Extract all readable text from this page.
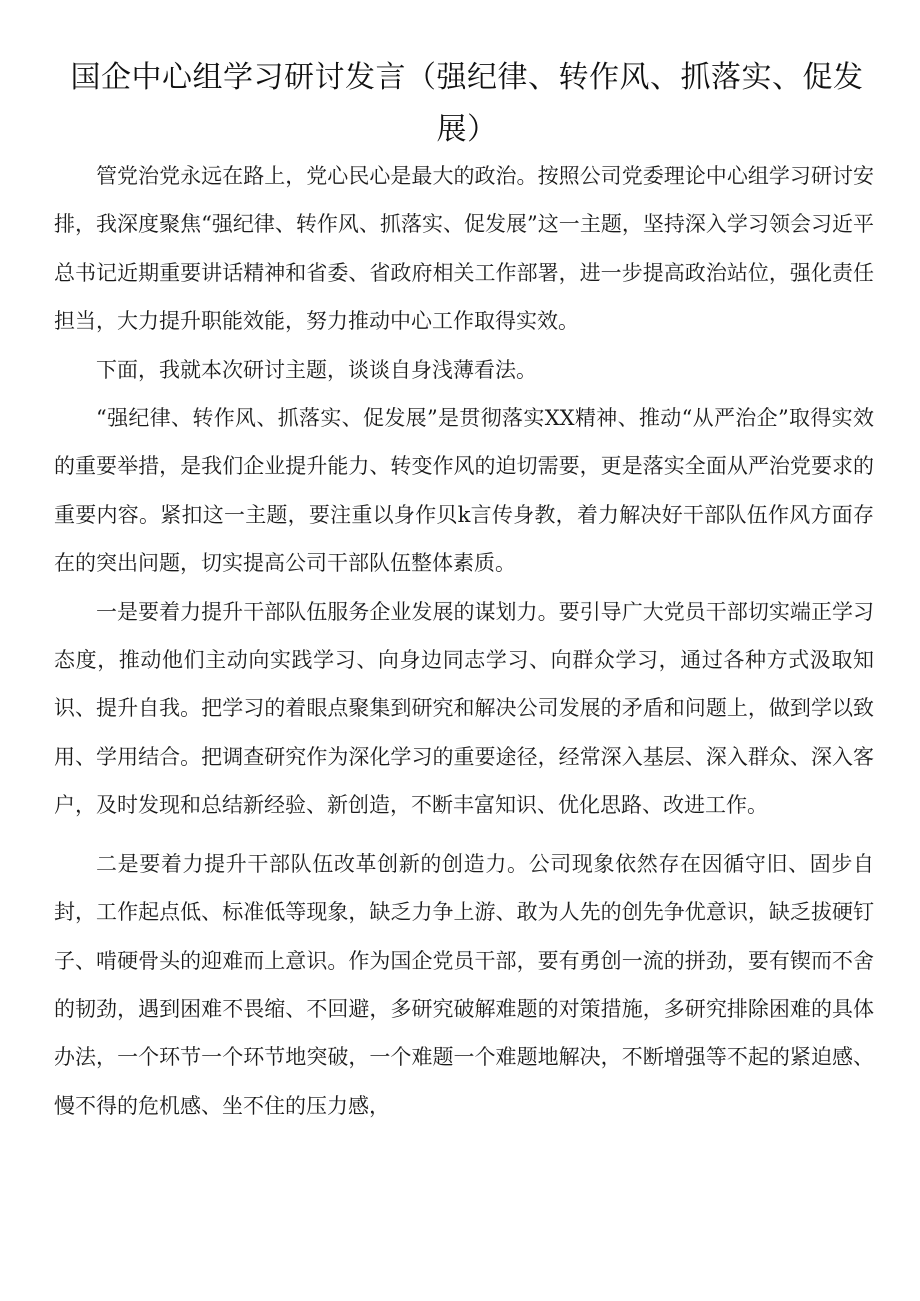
国企中心组学习研讨发言（强纪律、转作风、抓落实、促发展）

管党治党永远在路上，党心民心是最大的政治。按照公司党委理论中心组学习研讨安排，我深度聚焦“强纪律、转作风、抓落实、促发展”这一主题，坚持深入学习领会习近平总书记近期重要讲话精神和省委、省政府相关工作部署，进一步提高政治站位，强化责任担当，大力提升职能效能，努力推动中心工作取得实效。

下面，我就本次研讨主题，谈谈自身浅薄看法。

“强纪律、转作风、抓落实、促发展”是贯彻落实XX精神、推动“从严治企”取得实效的重要举措，是我们企业提升能力、转变作风的迫切需要，更是落实全面从严治党要求的重要内容。紧扣这一主题，要注重以身作贝k言传身教，着力解决好干部队伍作风方面存在的突出问题，切实提高公司干部队伍整体素质。

一是要着力提升干部队伍服务企业发展的谋划力。要引导广大党员干部切实端正学习态度，推动他们主动向实践学习、向身边同志学习、向群众学习，通过各种方式汲取知识、提升自我。把学习的着眼点聚集到研究和解决公司发展的矛盾和问题上，做到学以致用、学用结合。把调查研究作为深化学习的重要途径，经常深入基层、深入群众、深入客户，及时发现和总结新经验、新创造，不断丰富知识、优化思路、改进工作。

二是要着力提升干部队伍改革创新的创造力。公司现象依然存在因循守旧、固步自封，工作起点低、标准低等现象，缺乏力争上游、敢为人先的创先争优意识，缺乏拔硬钉子、啃硬骨头的迎难而上意识。作为国企党员干部，要有勇创一流的拼劲，要有锲而不舍的韧劲，遇到困难不畏缩、不回避，多研究破解难题的对策措施，多研究排除困难的具体办法，一个环节一个环节地突破，一个难题一个难题地解决，不断增强等不起的紧迫感、慢不得的危机感、坐不住的压力感，
